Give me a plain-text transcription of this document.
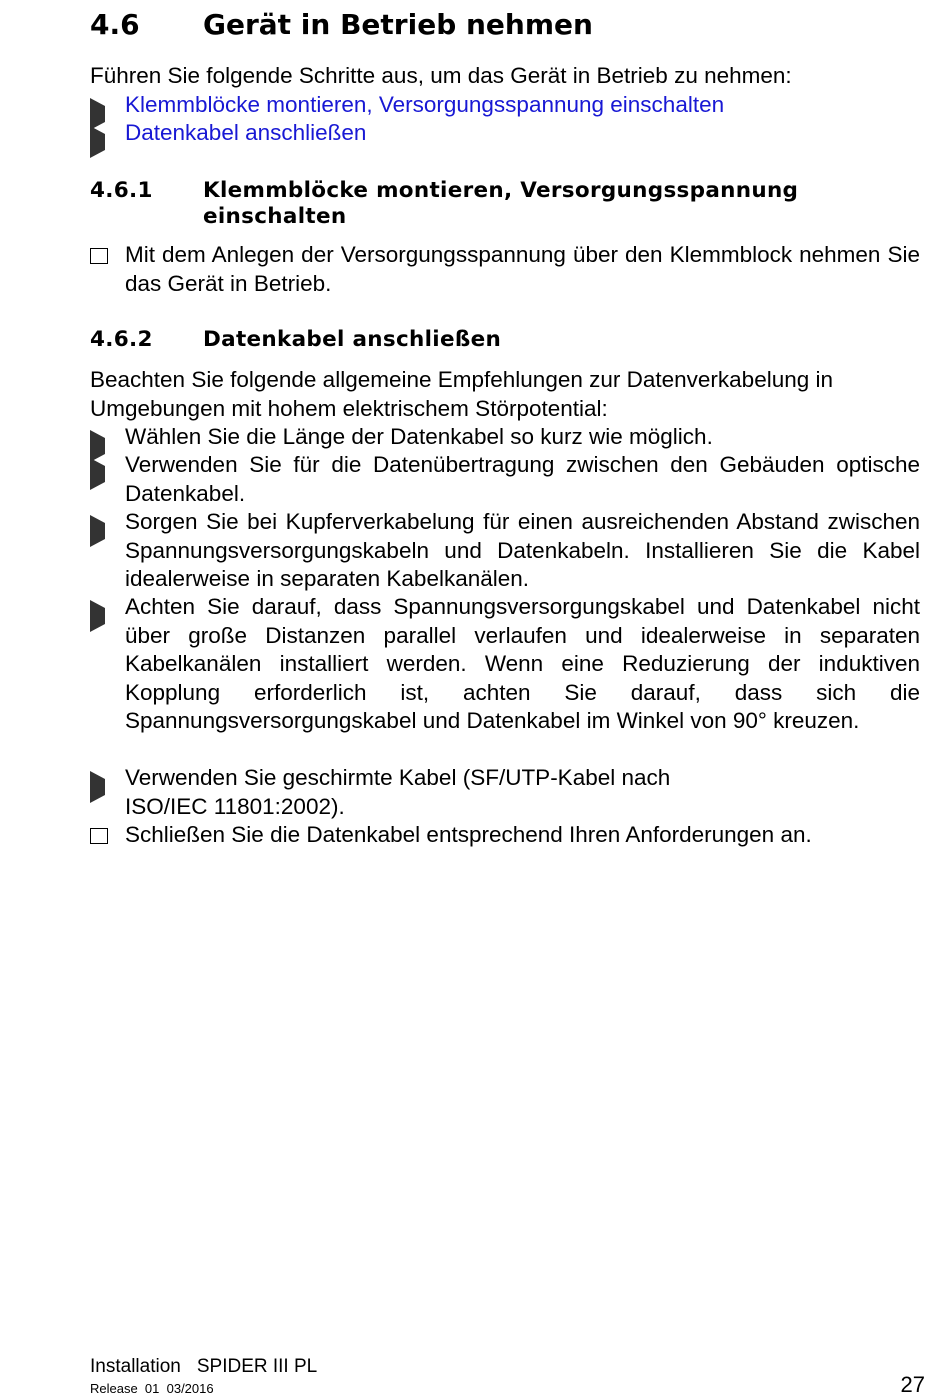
4.6 Gerät in Betrieb nehmen
Führen Sie folgende Schritte aus, um das Gerät in Betrieb zu nehmen:
Klemmblöcke montieren, Versorgungsspannung einschalten
Datenkabel anschließen
4.6.1 Klemmblöcke montieren, Versorgungsspannung
einschalten
Mit dem Anlegen der Versorgungsspannung über den Klemmblock nehmen Sie das Gerät in Betrieb.
4.6.2 Datenkabel anschließen
Beachten Sie folgende allgemeine Empfehlungen zur Datenverkabelung in Umgebungen mit hohem elektrischem Störpotential:
Wählen Sie die Länge der Datenkabel so kurz wie möglich.
Verwenden Sie für die Datenübertragung zwischen den Gebäuden optische Datenkabel.
Sorgen Sie bei Kupferverkabelung für einen ausreichenden Abstand zwischen Spannungsversorgungskabeln und Datenkabeln. Installieren Sie die Kabel idealerweise in separaten Kabelkanälen.
Achten Sie darauf, dass Spannungsversorgungskabel und Datenkabel nicht über große Distanzen parallel verlaufen und idealerweise in separaten Kabelkanälen installiert werden. Wenn eine Reduzierung der induktiven Kopplung erforderlich ist, achten Sie darauf, dass sich die Spannungsversorgungskabel und Datenkabel im Winkel von 90° kreuzen.
Verwenden Sie geschirmte Kabel (SF/UTP-Kabel nach ISO/IEC 11801:2002).
Schließen Sie die Datenkabel entsprechend Ihren Anforderungen an.
Installation SPIDER III PL
Release  01  03/2016	27
